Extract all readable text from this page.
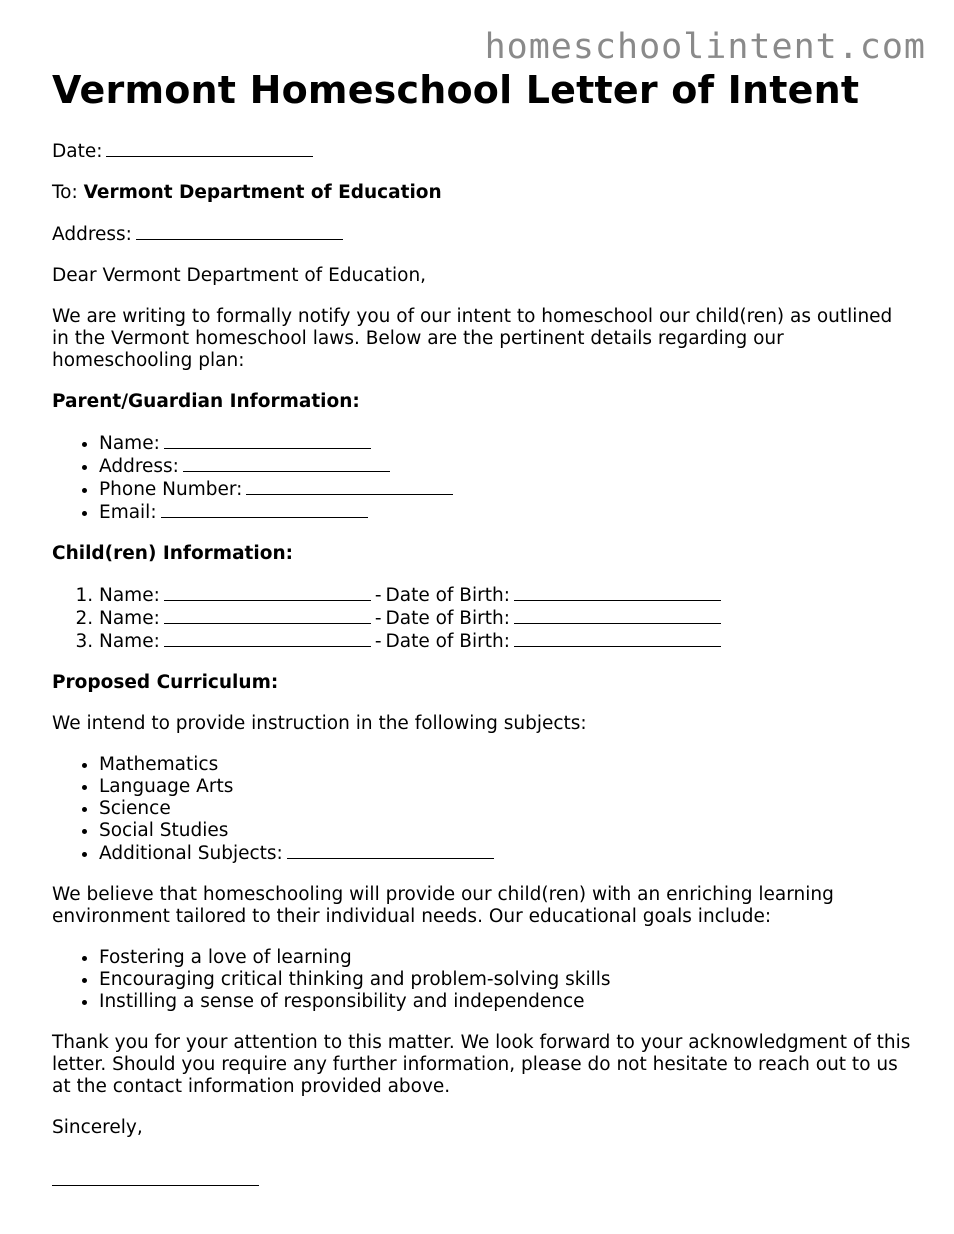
homeschoolintent.com
Vermont Homeschool Letter of Intent

Date:

To: Vermont Department of Education

Address:

Dear Vermont Department of Education,

We are writing to formally notify you of our intent to homeschool our child(ren) as outlined in the Vermont homeschool laws. Below are the pertinent details regarding our homeschooling plan:

Parent/Guardian Information:

• Name:
• Address:
• Phone Number:
• Email:

Child(ren) Information:

1. Name:	- Date of Birth:
2. Name:	- Date of Birth:
3. Name:	- Date of Birth:

Proposed Curriculum:

We intend to provide instruction in the following subjects:

• Mathematics
• Language Arts
• Science
• Social Studies
• Additional Subjects:

We believe that homeschooling will provide our child(ren) with an enriching learning environment tailored to their individual needs. Our educational goals include:

• Fostering a love of learning
• Encouraging critical thinking and problem-solving skills
• Instilling a sense of responsibility and independence

Thank you for your attention to this matter. We look forward to your acknowledgment of this letter. Should you require any further information, please do not hesitate to reach out to us at the contact information provided above.

Sincerely,
